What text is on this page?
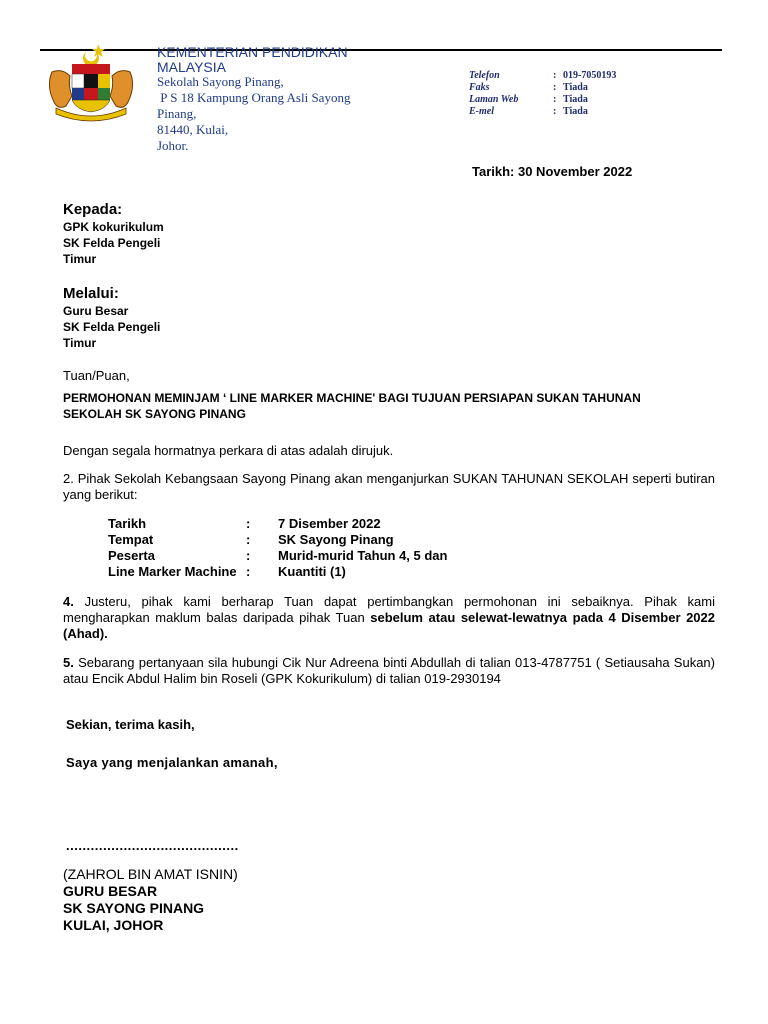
KEMENTERIAN PENDIDIKAN
MALAYSIA
Sekolah Sayong Pinang,
P S 18 Kampung Orang Asli Sayong
Pinang,
81440, Kulai,
Johor.
Telefon	: 019-7050193
Faks	: Tiada
Laman Web	: Tiada
E-mel	: Tiada
Tarikh: 30 November 2022
Kepada:
GPK kokurikulum
SK Felda Pengeli
Timur
Melalui:
Guru Besar
SK Felda Pengeli
Timur
Tuan/Puan,
PERMOHONAN MEMINJAM ‘ LINE MARKER MACHINE' BAGI TUJUAN PERSIAPAN SUKAN TAHUNAN
SEKOLAH SK SAYONG PINANG
Dengan segala hormatnya perkara di atas adalah dirujuk.
2. Pihak Sekolah Kebangsaan Sayong Pinang akan menganjurkan SUKAN TAHUNAN SEKOLAH seperti butiran yang berikut:
Tarikh	:	7 Disember 2022
Tempat	:	SK Sayong Pinang
Peserta	:	Murid-murid Tahun 4, 5 dan
Line Marker Machine :	Kuantiti (1)
4. Justeru, pihak kami berharap Tuan dapat pertimbangkan permohonan ini sebaiknya. Pihak kami mengharapkan maklum balas daripada pihak Tuan sebelum atau selewat-lewatnya pada 4 Disember 2022 (Ahad).
5. Sebarang pertanyaan sila hubungi Cik Nur Adreena binti Abdullah di talian 013-4787751 ( Setiausaha Sukan) atau Encik Abdul Halim bin Roseli (GPK Kokurikulum) di talian 019-2930194
Sekian, terima kasih,
Saya yang menjalankan amanah,
..........................................
(ZAHROL BIN AMAT ISNIN)
GURU BESAR
SK SAYONG PINANG
KULAI, JOHOR
